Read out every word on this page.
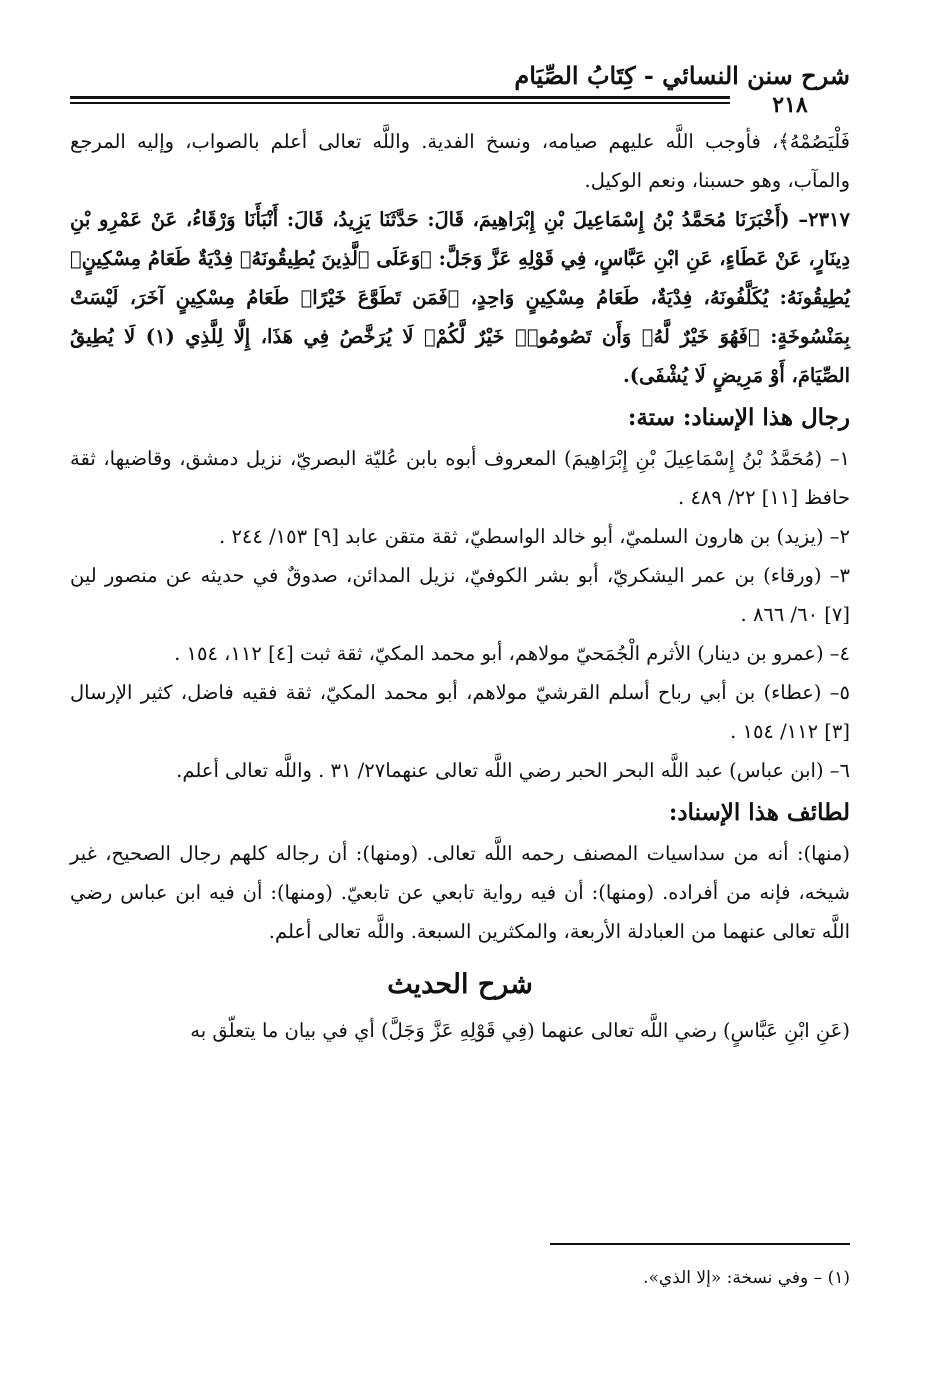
شرح سنن النسائي - كِتَابُ الصِّيَام
٢١٨

فَلْيَصُمْهُ﴾، فأوجب اللَّه عليهم صيامه، ونسخ الفدية. واللَّه تعالى أعلم بالصواب، وإليه المرجع والمآب، وهو حسبنا، ونعم الوكيل.

٢٣١٧– (أَخْبَرَنَا مُحَمَّدُ بْنُ إِسْمَاعِيلَ بْنِ إِبْرَاهِيمَ، قَالَ: حَدَّثَنَا يَزِيدُ، قَالَ: أَنْبَأَنَا وَرْقَاءُ، عَنْ عَمْرِو بْنِ دِينَارٍ، عَنْ عَطَاءٍ، عَنِ ابْنِ عَبَّاسٍ، فِي قَوْلِهِ عَزَّ وَجَلَّ: ﴿وَعَلَى ٱلَّذِينَ يُطِيقُونَهُۥ فِدْيَةٌ طَعَامُ مِسْكِينٍ﴾ يُطِيقُونَهُ: يُكَلَّفُونَهُ، فِدْيَةٌ، طَعَامُ مِسْكِينٍ وَاحِدٍ، ﴿فَمَن تَطَوَّعَ خَيْرًا﴾ طَعَامُ مِسْكِينٍ آخَرَ، لَيْسَتْ بِمَنْسُوخَةٍ: ﴿فَهُوَ خَيْرٌ لَّهُۥ وَأَن تَصُومُوا۟ خَيْرٌ لَّكُمْ﴾ لَا يُرَخَّصُ فِي هَذَا، إِلَّا لِلَّذِي (١) لَا يُطِيقُ الصِّيَامَ، أَوْ مَرِيضٍ لَا يُشْفَى).

رجال هذا الإسناد: ستة:

١– (مُحَمَّدُ بْنُ إِسْمَاعِيلَ بْنِ إِبْرَاهِيمَ) المعروف أبوه بابن عُليّة البصريّ، نزيل دمشق، وقاضيها، ثقة حافظ [١١] ٢٢/ ٤٨٩ .

٢– (يزيد) بن هارون السلميّ، أبو خالد الواسطيّ، ثقة متقن عابد [٩] ١٥٣/ ٢٤٤ .

٣– (ورقاء) بن عمر اليشكريّ، أبو بشر الكوفيّ، نزيل المدائن، صدوقٌ في حديثه عن منصور لين [٧] ٦٠/ ٨٦٦ .

٤– (عمرو بن دينار) الأثرم الْجُمَحيّ مولاهم، أبو محمد المكيّ، ثقة ثبت [٤] ١١٢، ١٥٤ .

٥– (عطاء) بن أبي رباح أسلم القرشيّ مولاهم، أبو محمد المكيّ، ثقة فقيه فاضل، كثير الإرسال [٣] ١١٢/ ١٥٤ .

٦– (ابن عباس) عبد اللَّه البحر الحبر رضي اللَّه تعالى عنهما٢٧/ ٣١ . واللَّه تعالى أعلم.

لطائف هذا الإسناد:

(منها): أنه من سداسيات المصنف رحمه اللَّه تعالى. (ومنها): أن رجاله كلهم رجال الصحيح، غير شيخه، فإنه من أفراده. (ومنها): أن فيه رواية تابعي عن تابعيّ. (ومنها): أن فيه ابن عباس رضي اللَّه تعالى عنهما من العبادلة الأربعة، والمكثرين السبعة. واللَّه تعالى أعلم.

شرح الحديث

(عَنِ ابْنِ عَبَّاسٍ) رضي اللَّه تعالى عنهما (فِي قَوْلِهِ عَزَّ وَجَلَّ) أي في بيان ما يتعلّق به

(١) – وفي نسخة: «إلا الذي».
